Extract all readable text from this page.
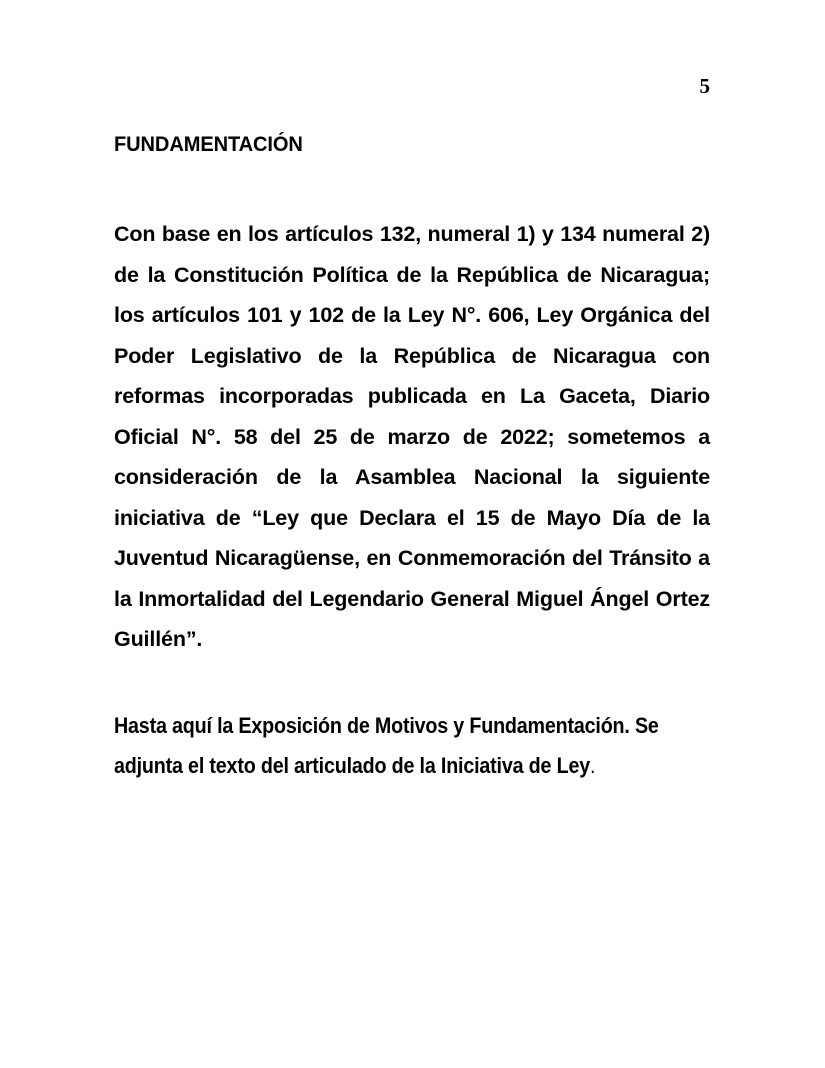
5
FUNDAMENTACIÓN

Con base en los artículos 132, numeral 1) y 134 numeral 2) de la Constitución Política de la República de Nicaragua; los artículos 101 y 102 de la Ley N°. 606, Ley Orgánica del Poder Legislativo de la República de Nicaragua con reformas incorporadas publicada en La Gaceta, Diario Oficial N°. 58 del 25 de marzo de 2022; sometemos a consideración de la Asamblea Nacional la siguiente iniciativa de “Ley que Declara el 15 de Mayo Día de la Juventud Nicaragüense, en Conmemoración del Tránsito a la Inmortalidad del Legendario General Miguel Ángel Ortez Guillén”.

Hasta aquí la Exposición de Motivos y Fundamentación. Se adjunta el texto del articulado de la Iniciativa de Ley.
